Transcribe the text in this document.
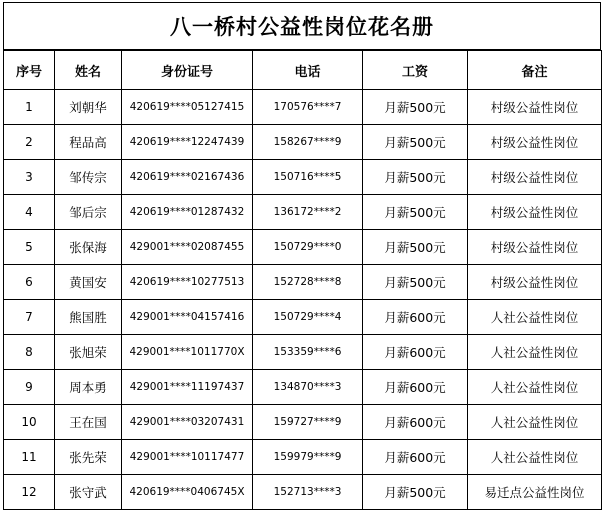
八一桥村公益性岗位花名册
序号	姓名	身份证号	电话	工资	备注
1	刘朝华	420619****05127415	170576****7	月薪500元	村级公益性岗位
2	程品高	420619****12247439	158267****9	月薪500元	村级公益性岗位
3	邹传宗	420619****02167436	150716****5	月薪500元	村级公益性岗位
4	邹后宗	420619****01287432	136172****2	月薪500元	村级公益性岗位
5	张保海	429001****02087455	150729****0	月薪500元	村级公益性岗位
6	黄国安	420619****10277513	152728****8	月薪500元	村级公益性岗位
7	熊国胜	429001****04157416	150729****4	月薪600元	人社公益性岗位
8	张旭荣	429001****1011770X	153359****6	月薪600元	人社公益性岗位
9	周本勇	429001****11197437	134870****3	月薪600元	人社公益性岗位
10	王在国	429001****03207431	159727****9	月薪600元	人社公益性岗位
11	张先荣	429001****10117477	159979****9	月薪600元	人社公益性岗位
12	张守武	420619****0406745X	152713****3	月薪500元	易迁点公益性岗位
